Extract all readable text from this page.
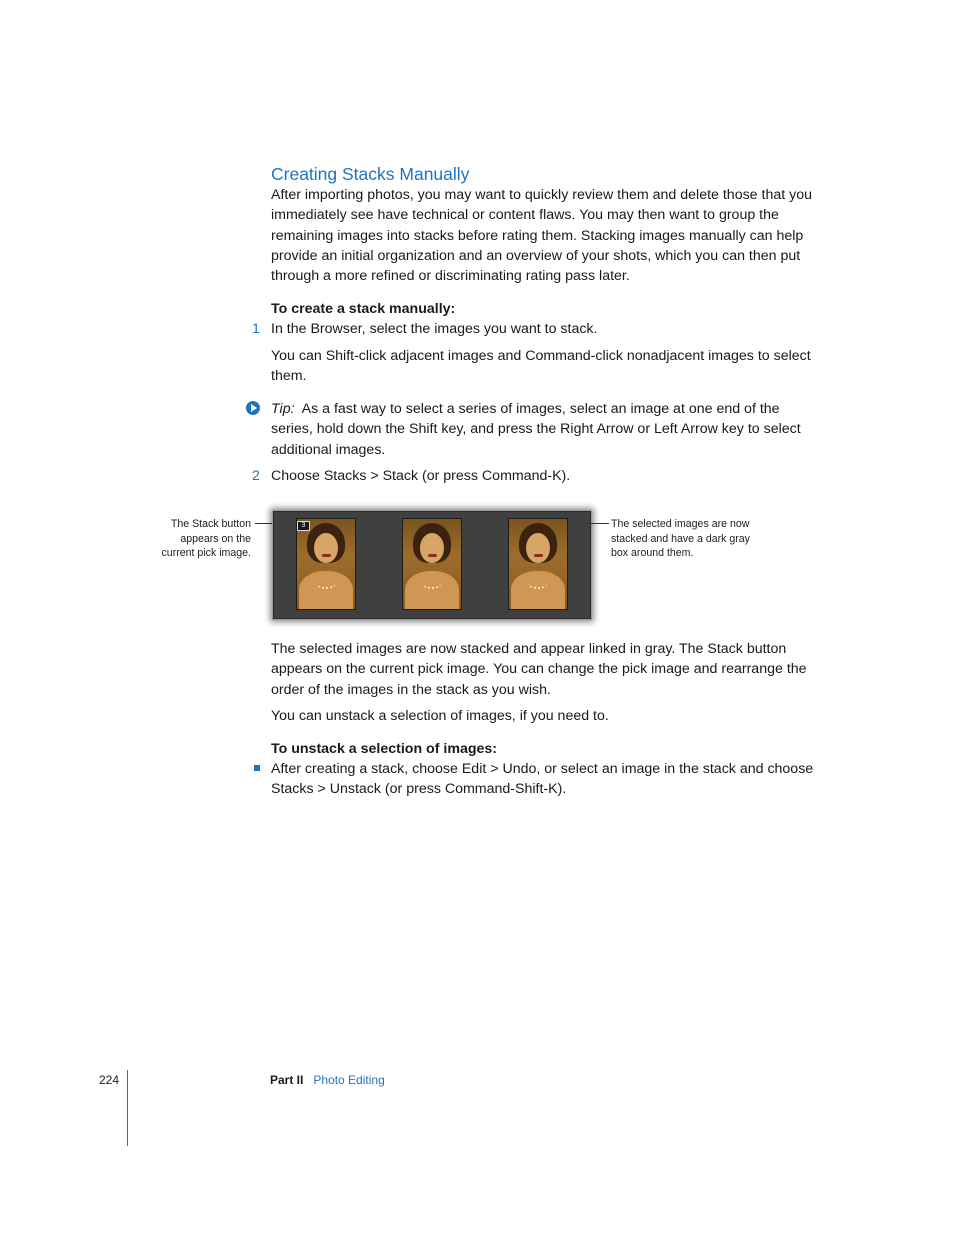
Creating Stacks Manually

After importing photos, you may want to quickly review them and delete those that you immediately see have technical or content flaws. You may then want to group the remaining images into stacks before rating them. Stacking images manually can help provide an initial organization and an overview of your shots, which you can then put through a more refined or discriminating rating pass later.

To create a stack manually:

1 In the Browser, select the images you want to stack.

You can Shift-click adjacent images and Command-click nonadjacent images to select them.

Tip: As a fast way to select a series of images, select an image at one end of the series, hold down the Shift key, and press the Right Arrow or Left Arrow key to select additional images.

2 Choose Stacks > Stack (or press Command-K).

The Stack button appears on the current pick image.
3	The selected images are now stacked and have a dark gray box around them.

The selected images are now stacked and appear linked in gray. The Stack button appears on the current pick image. You can change the pick image and rearrange the order of the images in the stack as you wish.

You can unstack a selection of images, if you need to.

To unstack a selection of images:

After creating a stack, choose Edit > Undo, or select an image in the stack and choose Stacks > Unstack (or press Command-Shift-K).

224	Part II Photo Editing
